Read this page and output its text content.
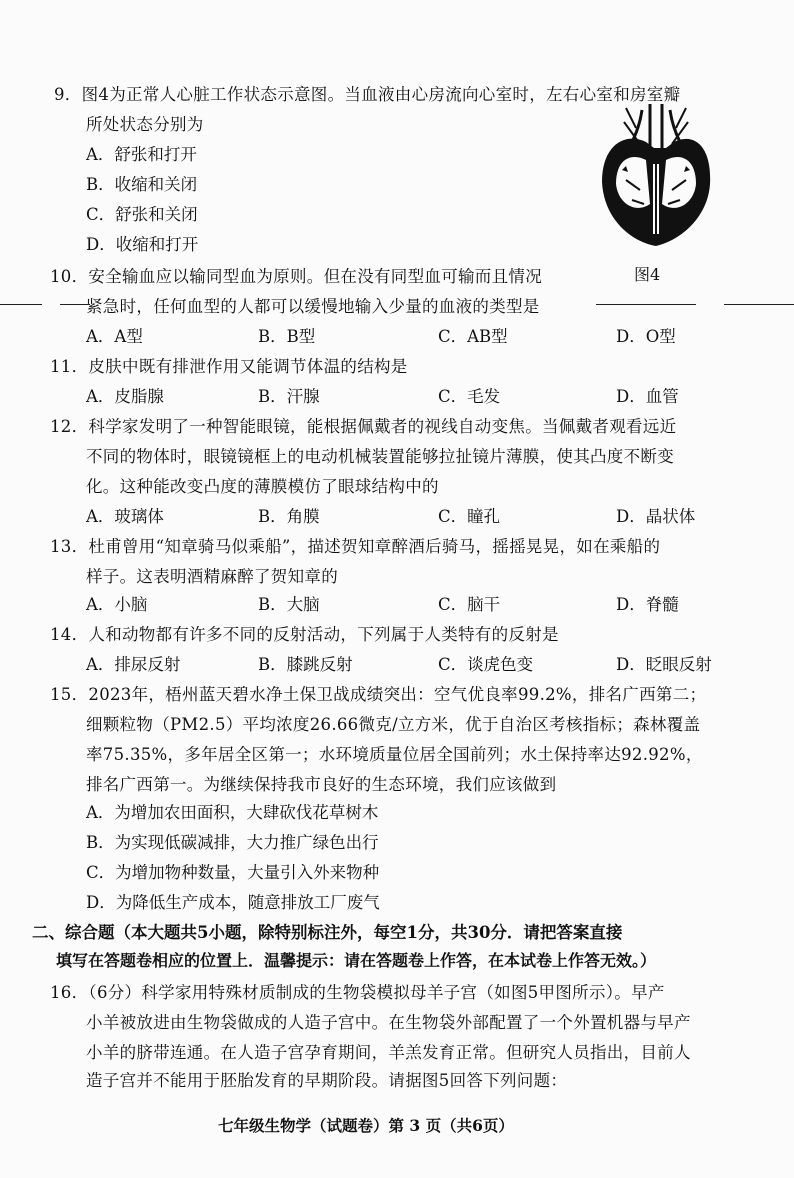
9．图4为正常人心脏工作状态示意图。当血液由心房流向心室时，左右心室和房室瓣
所处状态分别为
A．舒张和打开
B．收缩和关闭
C．舒张和关闭
D．收缩和打开
图4
10．安全输血应以输同型血为原则。但在没有同型血可输而且情况
紧急时，任何血型的人都可以缓慢地输入少量的血液的类型是
A．A型	B．B型	C．AB型	D．O型
11．皮肤中既有排泄作用又能调节体温的结构是
A．皮脂腺	B．汗腺	C．毛发	D．血管
12．科学家发明了一种智能眼镜，能根据佩戴者的视线自动变焦。当佩戴者观看远近
不同的物体时，眼镜镜框上的电动机械装置能够拉扯镜片薄膜，使其凸度不断变
化。这种能改变凸度的薄膜模仿了眼球结构中的
A．玻璃体	B．角膜	C．瞳孔	D．晶状体
13．杜甫曾用“知章骑马似乘船”，描述贺知章醉酒后骑马，摇摇晃晃，如在乘船的
样子。这表明酒精麻醉了贺知章的
A．小脑	B．大脑	C．脑干	D．脊髓
14．人和动物都有许多不同的反射活动，下列属于人类特有的反射是
A．排尿反射	B．膝跳反射	C．谈虎色变	D．眨眼反射
15．2023年，梧州蓝天碧水净土保卫战成绩突出：空气优良率99.2%，排名广西第二；
细颗粒物（PM2.5）平均浓度26.66微克/立方米，优于自治区考核指标；森林覆盖
率75.35%，多年居全区第一；水环境质量位居全国前列；水土保持率达92.92%，
排名广西第一。为继续保持我市良好的生态环境，我们应该做到
A．为增加农田面积，大肆砍伐花草树木
B．为实现低碳减排，大力推广绿色出行
C．为增加物种数量，大量引入外来物种
D．为降低生产成本，随意排放工厂废气
二、综合题（本大题共5小题，除特别标注外，每空1分，共30分．请把答案直接
填写在答题卷相应的位置上．温馨提示：请在答题卷上作答，在本试卷上作答无效。）
16．（6分）科学家用特殊材质制成的生物袋模拟母羊子宫（如图5甲图所示）。早产
小羊被放进由生物袋做成的人造子宫中。在生物袋外部配置了一个外置机器与早产
小羊的脐带连通。在人造子宫孕育期间，羊羔发育正常。但研究人员指出，目前人
造子宫并不能用于胚胎发育的早期阶段。请据图5回答下列问题：
七年级生物学（试题卷）第 3 页（共6页）
